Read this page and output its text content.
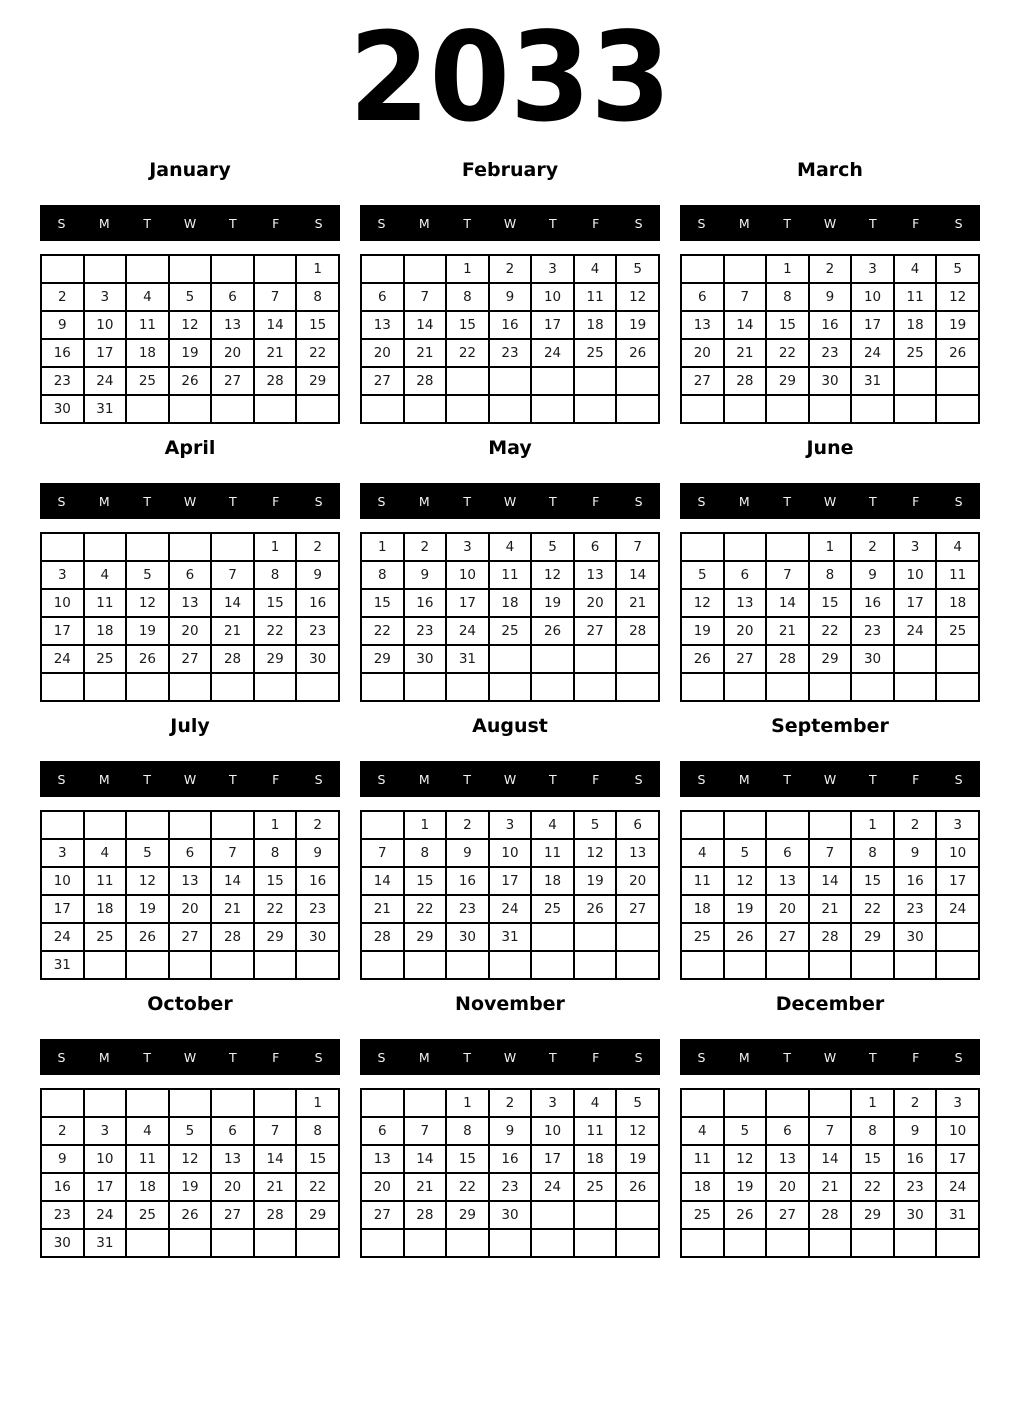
2033
January
S	M	T	W	T	F	S
						1
2	3	4	5	6	7	8
9	10	11	12	13	14	15
16	17	18	19	20	21	22
23	24	25	26	27	28	29
30	31					
February
S	M	T	W	T	F	S
		1	2	3	4	5
6	7	8	9	10	11	12
13	14	15	16	17	18	19
20	21	22	23	24	25	26
27	28					

March
S	M	T	W	T	F	S
		1	2	3	4	5
6	7	8	9	10	11	12
13	14	15	16	17	18	19
20	21	22	23	24	25	26
27	28	29	30	31		

April
S	M	T	W	T	F	S
					1	2
3	4	5	6	7	8	9
10	11	12	13	14	15	16
17	18	19	20	21	22	23
24	25	26	27	28	29	30

May
S	M	T	W	T	F	S
1	2	3	4	5	6	7
8	9	10	11	12	13	14
15	16	17	18	19	20	21
22	23	24	25	26	27	28
29	30	31				

June
S	M	T	W	T	F	S
			1	2	3	4
5	6	7	8	9	10	11
12	13	14	15	16	17	18
19	20	21	22	23	24	25
26	27	28	29	30		

July
S	M	T	W	T	F	S
					1	2
3	4	5	6	7	8	9
10	11	12	13	14	15	16
17	18	19	20	21	22	23
24	25	26	27	28	29	30
31						
August
S	M	T	W	T	F	S
	1	2	3	4	5	6
7	8	9	10	11	12	13
14	15	16	17	18	19	20
21	22	23	24	25	26	27
28	29	30	31			

September
S	M	T	W	T	F	S
				1	2	3
4	5	6	7	8	9	10
11	12	13	14	15	16	17
18	19	20	21	22	23	24
25	26	27	28	29	30	

October
S	M	T	W	T	F	S
						1
2	3	4	5	6	7	8
9	10	11	12	13	14	15
16	17	18	19	20	21	22
23	24	25	26	27	28	29
30	31					
November
S	M	T	W	T	F	S
		1	2	3	4	5
6	7	8	9	10	11	12
13	14	15	16	17	18	19
20	21	22	23	24	25	26
27	28	29	30			

December
S	M	T	W	T	F	S
				1	2	3
4	5	6	7	8	9	10
11	12	13	14	15	16	17
18	19	20	21	22	23	24
25	26	27	28	29	30	31
